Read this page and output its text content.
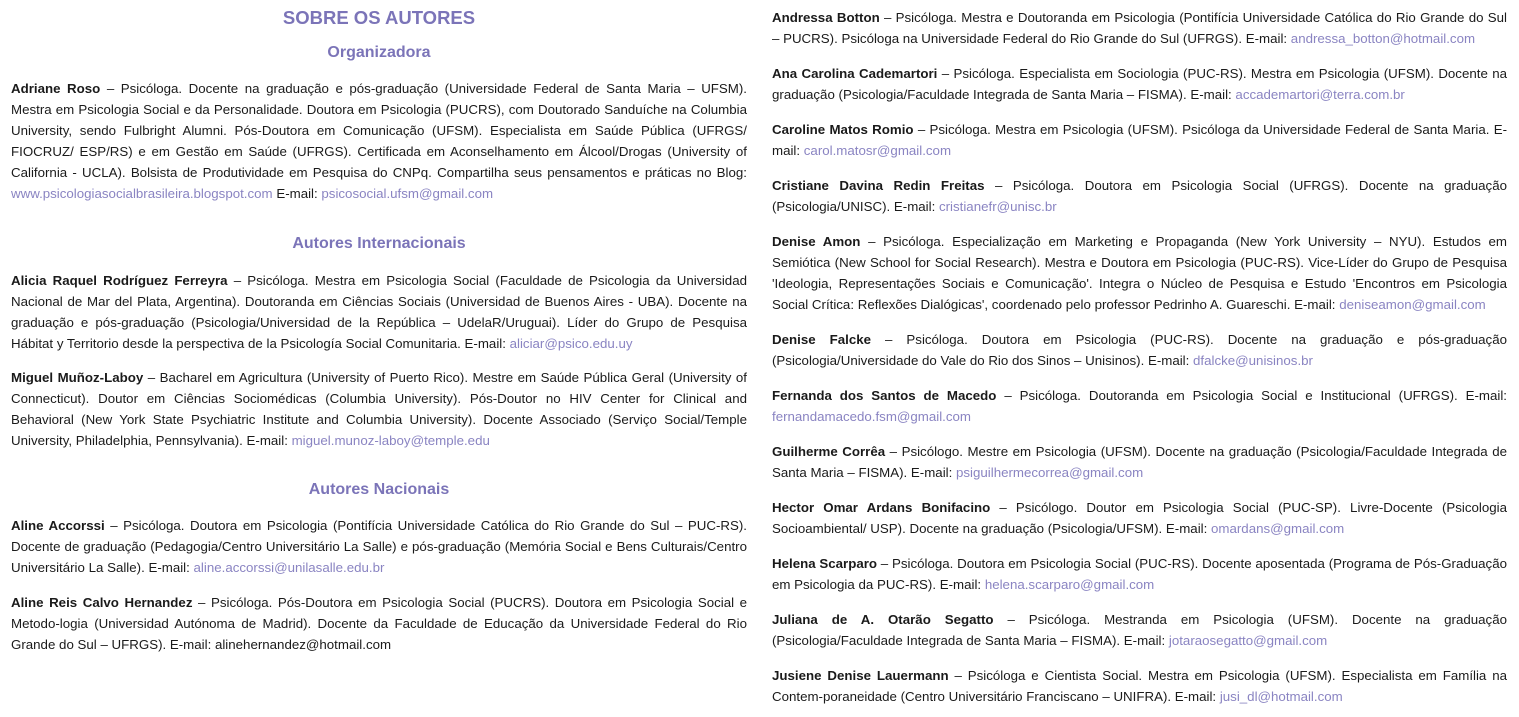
SOBRE OS AUTORES
Organizadora

Adriane Roso – Psicóloga. Docente na graduação e pós-graduação (Universidade Federal de Santa Maria – UFSM). Mestra em Psicologia Social e da Personalidade. Doutora em Psicologia (PUCRS), com Doutorado Sanduíche na Columbia University, sendo Fulbright Alumni. Pós-Doutora em Comunicação (UFSM). Especialista em Saúde Pública (UFRGS/ FIOCRUZ/ ESP/RS) e em Gestão em Saúde (UFRGS). Certificada em Aconselhamento em Álcool/Drogas (University of California - UCLA). Bolsista de Produtividade em Pesquisa do CNPq. Compartilha seus pensamentos e práticas no Blog: www.psicologiasocialbrasileira.blogspot.com E-mail: psicosocial.ufsm@gmail.com

Autores Internacionais

Alicia Raquel Rodríguez Ferreyra – Psicóloga. Mestra em Psicologia Social (Faculdade de Psicologia da Universidad Nacional de Mar del Plata, Argentina). Doutoranda em Ciências Sociais (Universidad de Buenos Aires - UBA). Docente na graduação e pós-graduação (Psicologia/Universidad de la República – UdelaR/Uruguai). Líder do Grupo de Pesquisa Hábitat y Territorio desde la perspectiva de la Psicología Social Comunitaria. E-mail: aliciar@psico.edu.uy

Miguel Muñoz-Laboy – Bacharel em Agricultura (University of Puerto Rico). Mestre em Saúde Pública Geral (University of Connecticut). Doutor em Ciências Sociomédicas (Columbia University). Pós-Doutor no HIV Center for Clinical and Behavioral (New York State Psychiatric Institute and Columbia University). Docente Associado (Serviço Social/Temple University, Philadelphia, Pennsylvania). E-mail: miguel.munoz-laboy@temple.edu

Autores Nacionais

Aline Accorssi – Psicóloga. Doutora em Psicologia (Pontifícia Universidade Católica do Rio Grande do Sul – PUC-RS). Docente de graduação (Pedagogia/Centro Universitário La Salle) e pós-graduação (Memória Social e Bens Culturais/Centro Universitário La Salle). E-mail: aline.accorssi@unilasalle.edu.br

Aline Reis Calvo Hernandez – Psicóloga. Pós-Doutora em Psicologia Social (PUCRS). Doutora em Psicologia Social e Metodo-logia (Universidad Autónoma de Madrid). Docente da Faculdade de Educação da Universidade Federal do Rio Grande do Sul – UFRGS). E-mail: alinehernandez@hotmail.com

Andressa Botton – Psicóloga. Mestra e Doutoranda em Psicologia (Pontifícia Universidade Católica do Rio Grande do Sul – PUCRS). Psicóloga na Universidade Federal do Rio Grande do Sul (UFRGS). E-mail: andressa_botton@hotmail.com

Ana Carolina Cademartori – Psicóloga. Especialista em Sociologia (PUC-RS). Mestra em Psicologia (UFSM). Docente na graduação (Psicologia/Faculdade Integrada de Santa Maria – FISMA). E-mail: accademartori@terra.com.br

Caroline Matos Romio – Psicóloga. Mestra em Psicologia (UFSM). Psicóloga da Universidade Federal de Santa Maria. E-mail: carol.matosr@gmail.com

Cristiane Davina Redin Freitas – Psicóloga. Doutora em Psicologia Social (UFRGS). Docente na graduação (Psicologia/UNISC). E-mail: cristianefr@unisc.br

Denise Amon – Psicóloga. Especialização em Marketing e Propaganda (New York University – NYU). Estudos em Semiótica (New School for Social Research). Mestra e Doutora em Psicologia (PUC-RS). Vice-Líder do Grupo de Pesquisa 'Ideologia, Representações Sociais e Comunicação'. Integra o Núcleo de Pesquisa e Estudo 'Encontros em Psicologia Social Crítica: Reflexões Dialógicas', coordenado pelo professor Pedrinho A. Guareschi. E-mail: deniseamon@gmail.com

Denise Falcke – Psicóloga. Doutora em Psicologia (PUC-RS). Docente na graduação e pós-graduação (Psicologia/Universidade do Vale do Rio dos Sinos – Unisinos). E-mail: dfalcke@unisinos.br

Fernanda dos Santos de Macedo – Psicóloga. Doutoranda em Psicologia Social e Institucional (UFRGS). E-mail: fernandamacedo.fsm@gmail.com

Guilherme Corrêa – Psicólogo. Mestre em Psicologia (UFSM). Docente na graduação (Psicologia/Faculdade Integrada de Santa Maria – FISMA). E-mail: psiguilhermecorrea@gmail.com

Hector Omar Ardans Bonifacino – Psicólogo. Doutor em Psicologia Social (PUC-SP). Livre-Docente (Psicologia Socioambiental/ USP). Docente na graduação (Psicologia/UFSM). E-mail: omardans@gmail.com

Helena Scarparo – Psicóloga. Doutora em Psicologia Social (PUC-RS). Docente aposentada (Programa de Pós-Graduação em Psicologia da PUC-RS). E-mail: helena.scarparo@gmail.com

Juliana de A. Otarão Segatto – Psicóloga. Mestranda em Psicologia (UFSM). Docente na graduação (Psicologia/Faculdade Integrada de Santa Maria – FISMA). E-mail: jotaraosegatto@gmail.com

Jusiene Denise Lauermann – Psicóloga e Cientista Social. Mestra em Psicologia (UFSM). Especialista em Família na Contem-poraneidade (Centro Universitário Franciscano – UNIFRA). E-mail: jusi_dl@hotmail.com
